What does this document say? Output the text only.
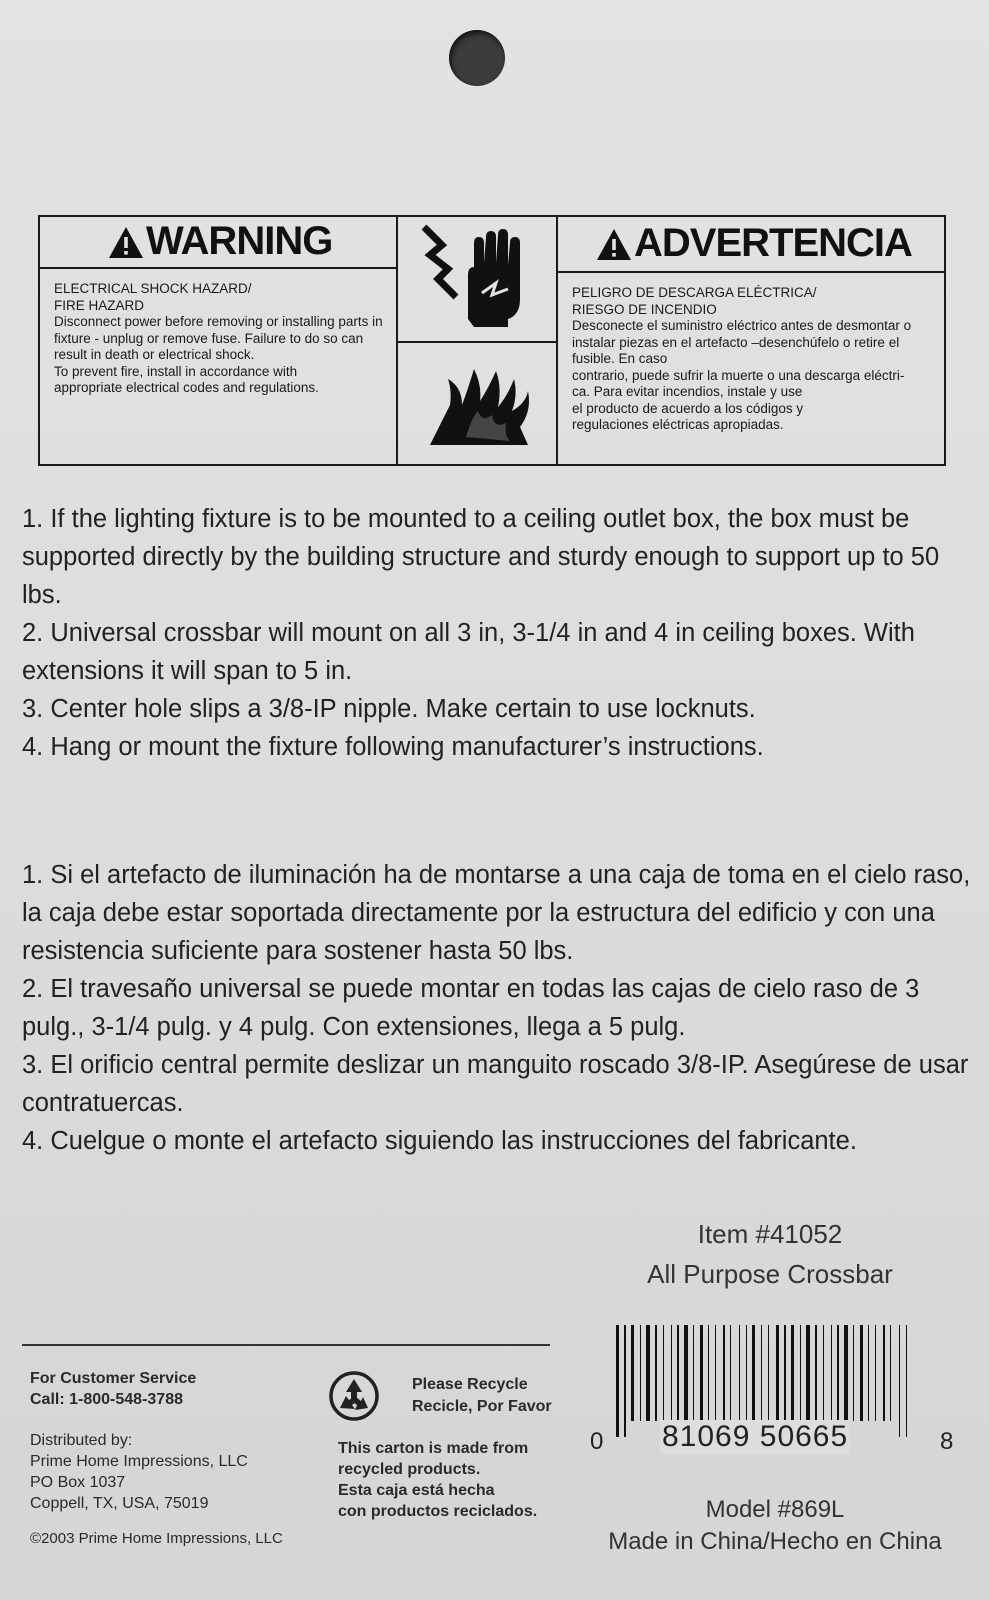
WARNING
ELECTRICAL SHOCK HAZARD/
FIRE HAZARD
Disconnect power before removing or installing parts in
fixture - unplug or remove fuse. Failure to do so can
result in death or electrical shock.
To prevent fire, install in accordance with
appropriate electrical codes and regulations.
ADVERTENCIA
PELIGRO DE DESCARGA ELÉCTRICA/
RIESGO DE INCENDIO
Desconecte el suministro eléctrico antes de desmontar o
instalar piezas en el artefacto –desenchúfelo o retire el
fusible. En caso
contrario, puede sufrir la muerte o una descarga eléctri-
ca. Para evitar incendios, instale y use
el producto de acuerdo a los códigos y
regulaciones eléctricas apropiadas.

1. If the lighting fixture is to be mounted to a ceiling outlet box, the box must be supported directly by the building structure and sturdy enough to support up to 50 lbs.

2. Universal crossbar will mount on all 3 in, 3-1/4 in and 4 in ceiling boxes. With extensions it will span to 5 in.

3. Center hole slips a 3/8-IP nipple. Make certain to use locknuts.

4. Hang or mount the fixture following manufacturer’s instructions.

1. Si el artefacto de iluminación ha de montarse a una caja de toma en el cielo raso, la caja debe estar soportada directamente por la estructura del edificio y con una resistencia suficiente para sostener hasta 50 lbs.

2. El travesaño universal se puede montar en todas las cajas de cielo raso de 3 pulg., 3-1/4 pulg. y 4 pulg. Con extensiones, llega a 5 pulg.

3. El orificio central permite deslizar un manguito roscado 3/8-IP. Asegúrese de usar contratuercas.

4. Cuelgue o monte el artefacto siguiendo las instrucciones del fabricante.

Item #41052
All Purpose Crossbar
For Customer Service
Call: 1-800-548-3788
Distributed by:
Prime Home Impressions, LLC
PO Box 1037
Coppell, TX, USA, 75019
©2003 Prime Home Impressions, LLC
Please Recycle
Recicle, Por Favor
This carton is made from
recycled products.
Esta caja está hecha
con productos reciclados.
0 81069 50665	8
Model #869L
Made in China/Hecho en China
